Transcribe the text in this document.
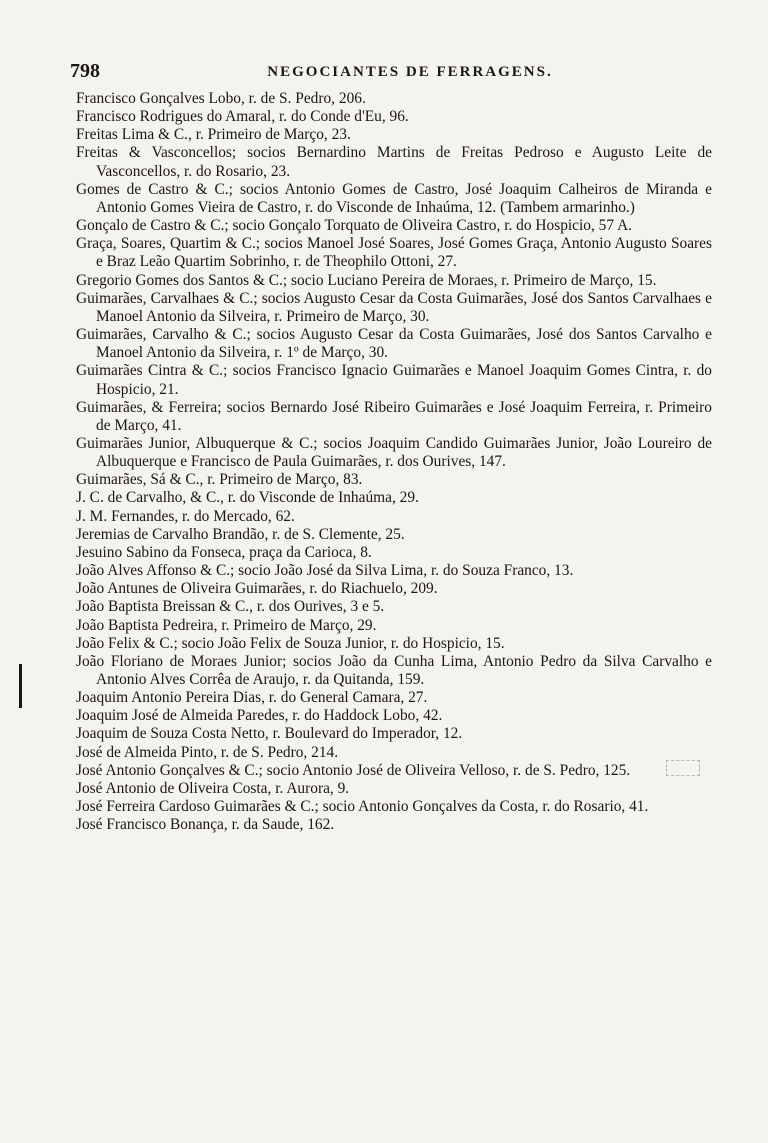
798	NEGOCIANTES DE FERRAGENS.
Francisco Gonçalves Lobo, r. de S. Pedro, 206.
Francisco Rodrigues do Amaral, r. do Conde d'Eu, 96.
Freitas Lima & C., r. Primeiro de Março, 23.
Freitas & Vasconcellos; socios Bernardino Martins de Freitas Pedroso e Augusto Leite de Vasconcellos, r. do Rosario, 23.
Gomes de Castro & C.; socios Antonio Gomes de Castro, José Joaquim Calheiros de Miranda e Antonio Gomes Vieira de Castro, r. do Visconde de Inhaúma, 12. (Tambem armarinho.)
Gonçalo de Castro & C.; socio Gonçalo Torquato de Oliveira Castro, r. do Hospicio, 57 A.
Graça, Soares, Quartim & C.; socios Manoel José Soares, José Gomes Graça, Antonio Augusto Soares e Braz Leão Quartim Sobrinho, r. de Theophilo Ottoni, 27.
Gregorio Gomes dos Santos & C.; socio Luciano Pereira de Moraes, r. Primeiro de Março, 15.
Guimarães, Carvalhaes & C.; socios Augusto Cesar da Costa Guimarães, José dos Santos Carvalhaes e Manoel Antonio da Silveira, r. Primeiro de Março, 30.
Guimarães, Carvalho & C.; socios Augusto Cesar da Costa Guimarães, José dos Santos Carvalho e Manoel Antonio da Silveira, r. 1º de Março, 30.
Guimarães Cintra & C.; socios Francisco Ignacio Guimarães e Manoel Joaquim Gomes Cintra, r. do Hospicio, 21.
Guimarães, & Ferreira; socios Bernardo José Ribeiro Guimarães e José Joaquim Ferreira, r. Primeiro de Março, 41.
Guimarães Junior, Albuquerque & C.; socios Joaquim Candido Guimarães Junior, João Loureiro de Albuquerque e Francisco de Paula Guimarães, r. dos Ourives, 147.
Guimarães, Sá & C., r. Primeiro de Março, 83.
J. C. de Carvalho, & C., r. do Visconde de Inhaúma, 29.
J. M. Fernandes, r. do Mercado, 62.
Jeremias de Carvalho Brandão, r. de S. Clemente, 25.
Jesuino Sabino da Fonseca, praça da Carioca, 8.
João Alves Affonso & C.; socio João José da Silva Lima, r. do Souza Franco, 13.
João Antunes de Oliveira Guimarães, r. do Riachuelo, 209.
João Baptista Breissan & C., r. dos Ourives, 3 e 5.
João Baptista Pedreira, r. Primeiro de Março, 29.
João Felix & C.; socio João Felix de Souza Junior, r. do Hospicio, 15.
João Floriano de Moraes Junior; socios João da Cunha Lima, Antonio Pedro da Silva Carvalho e Antonio Alves Corrêa de Araujo, r. da Quitanda, 159.
Joaquim Antonio Pereira Dias, r. do General Camara, 27.
Joaquim José de Almeida Paredes, r. do Haddock Lobo, 42.
Joaquim de Souza Costa Netto, r. Boulevard do Imperador, 12.
José de Almeida Pinto, r. de S. Pedro, 214.
José Antonio Gonçalves & C.; socio Antonio José de Oliveira Velloso, r. de S. Pedro, 125.
José Antonio de Oliveira Costa, r. Aurora, 9.
José Ferreira Cardoso Guimarães & C.; socio Antonio Gonçalves da Costa, r. do Rosario, 41.
José Francisco Bonança, r. da Saude, 162.
